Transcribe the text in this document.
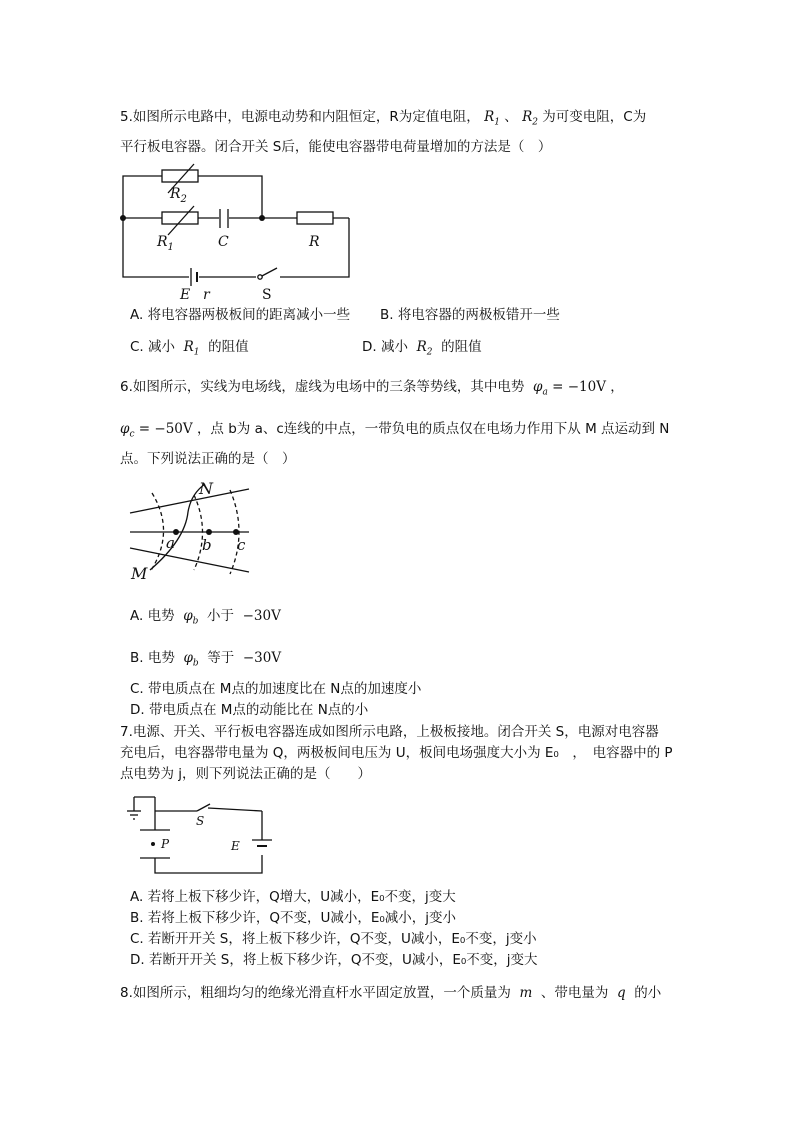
5.如图所示电路中，电源电动势和内阻恒定，R为定值电阻， $R_1$ 、 $R_2$ 为可变电阻，C为
平行板电容器。闭合开关 S后，能使电容器带电荷量增加的方法是（　）
$R_2$
$R_1$	C	R
E r	S
A. 将电容器两极板间的距离减小一些 B. 将电容器的两极板错开一些
C. 减小 $R_1$ 的阻值	D. 减小 $R_2$ 的阻值
6.如图所示，实线为电场线，虚线为电场中的三条等势线，其中电势 $\varphi_a = -10V$ ，
$\varphi_c = -50V$ ，点 b为 a、c连线的中点，一带负电的质点仅在电场力作用下从 M 点运动到 N
点。下列说法正确的是（　）
N
a b c
M
A. 电势 $\varphi_b$ 小于 −30V
B. 电势 $\varphi_b$ 等于 −30V
C. 带电质点在 M点的加速度比在 N点的加速度小
D. 带电质点在 M点的动能比在 N点的小
7.电源、开关、平行板电容器连成如图所示电路，上极板接地。闭合开关 S，电源对电容器
充电后，电容器带电量为 Q，两极板间电压为 U，板间电场强度大小为 E₀　，　电容器中的 P
点电势为 j，则下列说法正确的是（　　）
S
P	E
A. 若将上板下移少许，Q增大，U减小，E₀不变，j变大
B. 若将上板下移少许，Q不变，U减小，E₀减小，j变小
C. 若断开开关 S，将上板下移少许，Q不变，U减小，E₀不变，j变小
D. 若断开开关 S，将上板下移少许，Q不变，U减小，E₀不变，j变大
8.如图所示，粗细均匀的绝缘光滑直杆水平固定放置，一个质量为 m 、带电量为 q 的小
